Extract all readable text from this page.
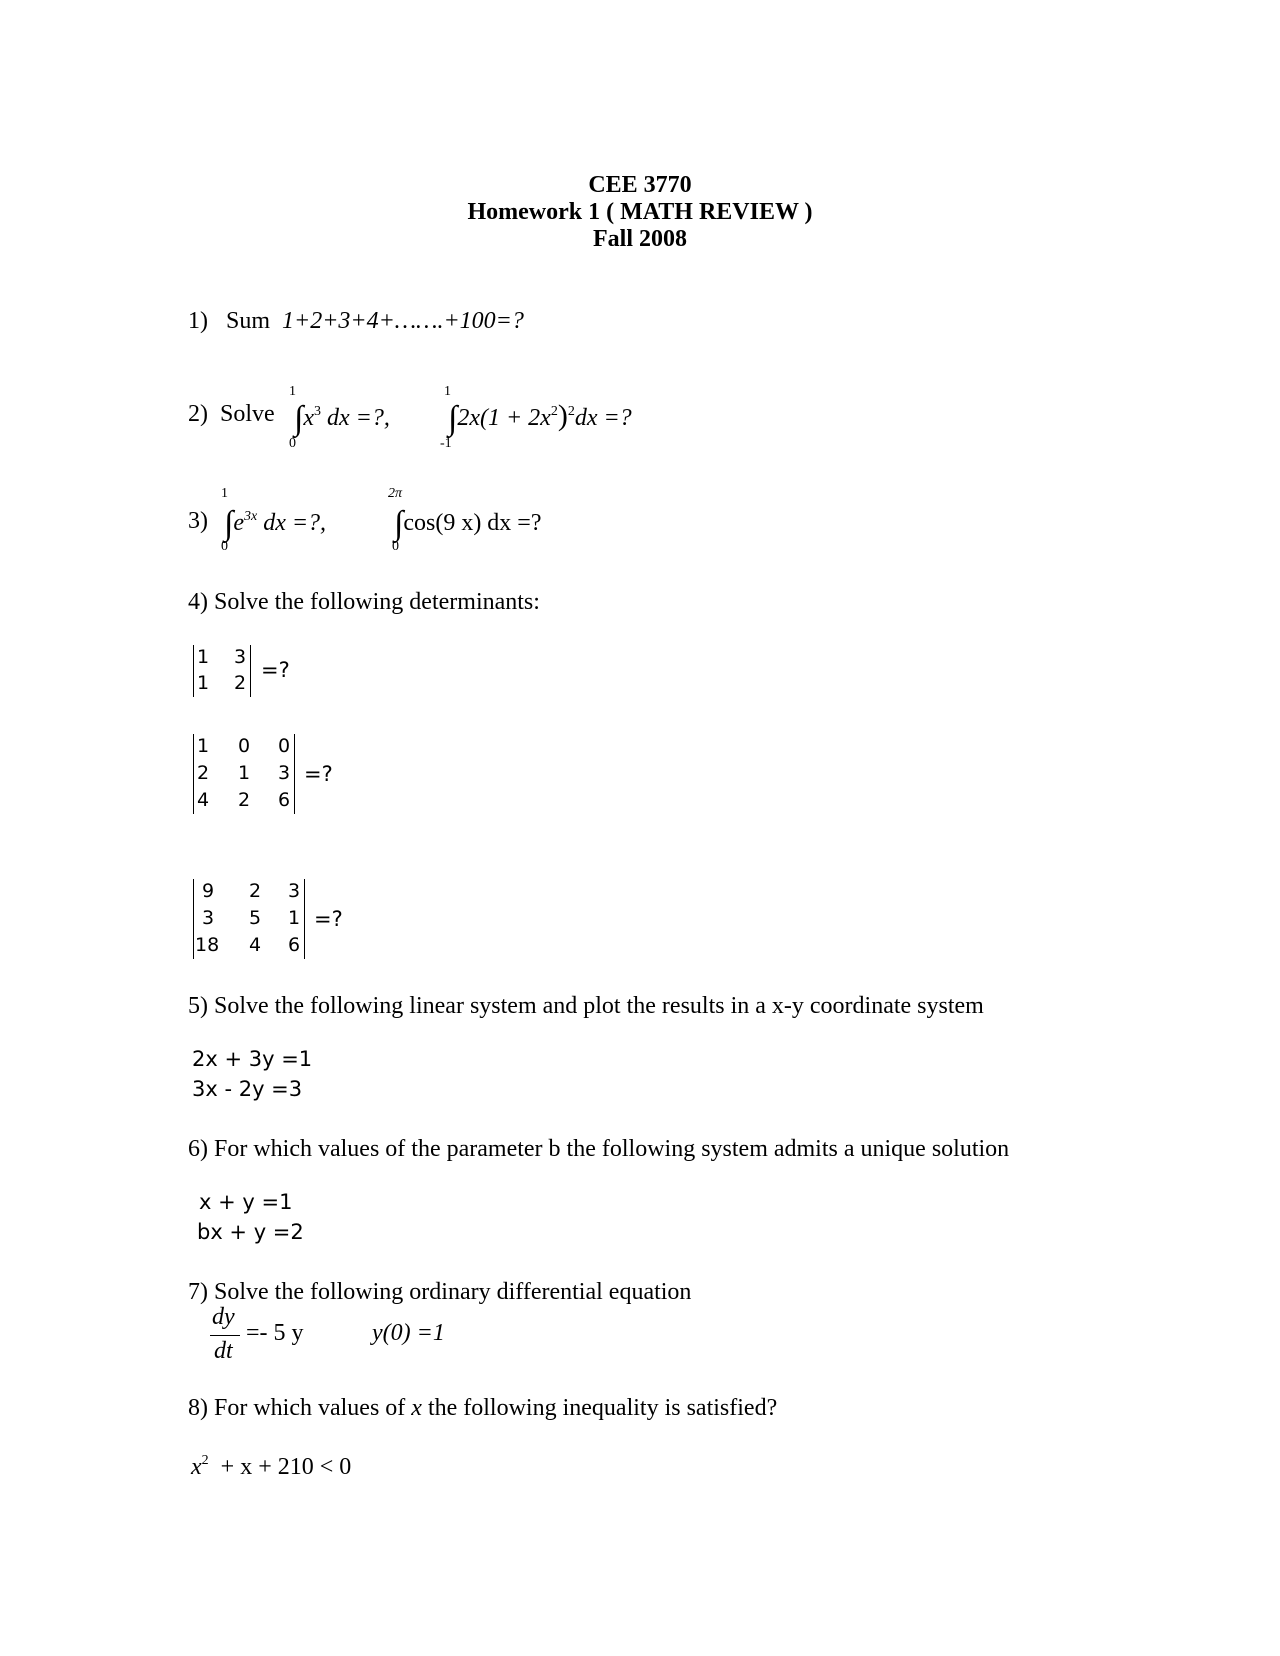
CEE 3770
Homework 1 ( MATH REVIEW )
Fall 2008
1) Sum 1+2+3+4+…….+100=?
2) Solve
1
0
$\int x^3$ dx =?,
1
-1
$\int 2x(1 + 2x^2)^2dx$ =?
3)
1
0
$\int e^{3x}$ dx =?,
2π
0
∫cos(9 x) dx =?
4) Solve the following determinants:
1 3
1 2
=?
1 0 0
2 1 3
4 2 6
=?
9 2 3
3 5 1
18 4 6
=?
5) Solve the following linear system and plot the results in a x-y coordinate system
2x + 3y =1
3x - 2y =3
6) For which values of the parameter b the following system admits a unique solution
x + y =1
bx + y =2
7) Solve the following ordinary differential equation
dy
dt
=- 5 y	y(0) =1
8) For which values of x the following inequality is satisfied?
$x^2 + x + 210 < 0$
